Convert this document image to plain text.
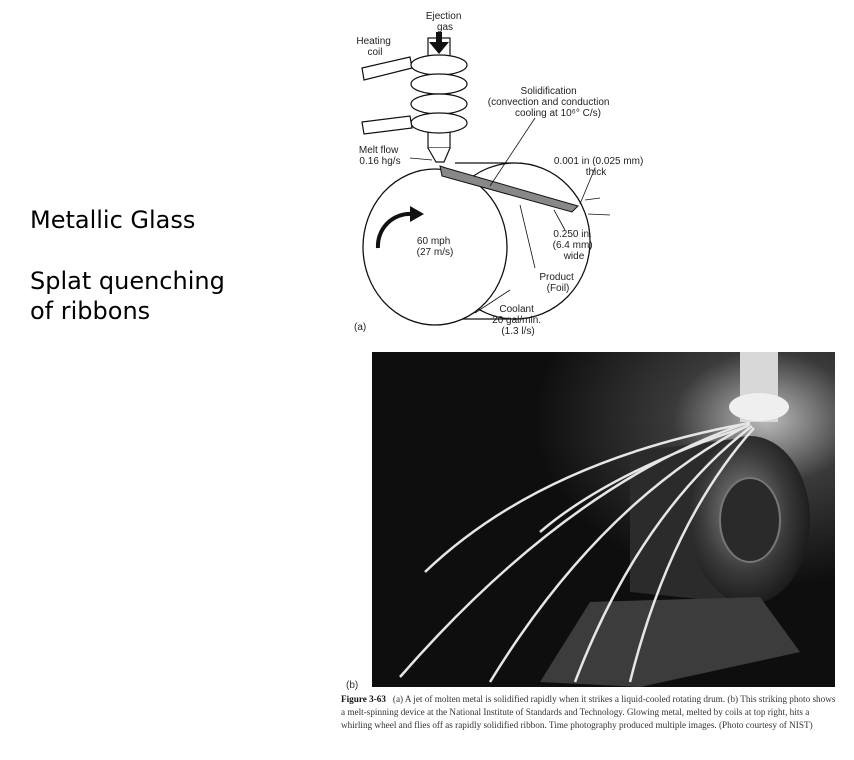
Metallic Glass
Splat quenching
of ribbons
Ejection gas
Heating coil
Solidification (convection and conduction cooling at 10⁶° C/s)
Melt flow 0.16 hg/s	0.001 in (0.025 mm) thick
60 mph (27 m/s)
0.250 in. (6.4 mm) wide
Product (Foil)
Coolant 20 gal/min. (1.3 l/s)
(a)
(b)
Figure 3-63 (a) A jet of molten metal is solidified rapidly when it strikes a liquid-cooled rotating drum. (b) This striking photo shows a melt-spinning device at the National Institute of Standards and Technology. Glowing metal, melted by coils at top right, hits a whirling wheel and flies off as rapidly solidified ribbon. Time photography produced multiple images. (Photo courtesy of NIST)
